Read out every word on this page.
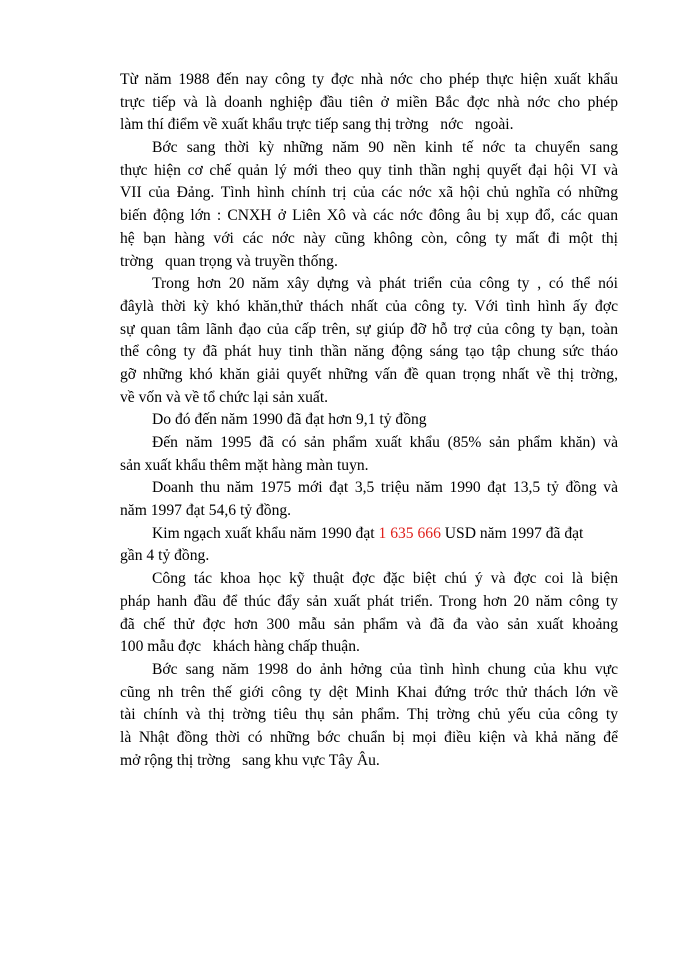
Từ năm 1988 đến nay công ty đợc nhà nớc cho phép thực hiện xuất khẩu
trực tiếp và là doanh nghiệp đầu tiên ở miền Bắc đợc nhà nớc cho phép
làm thí điểm về xuất khẩu trực tiếp sang thị trờng   nớc   ngoài.
Bớc sang thời kỳ những năm 90 nền kinh tế nớc ta chuyển sang
thực hiện cơ chế quản lý mới theo quy tinh thần nghị quyết đại hội VI và
VII của Đảng. Tình hình chính trị của các nớc xã hội chủ nghĩa có những
biến động lớn : CNXH ở Liên Xô và các nớc đông âu bị xụp đổ, các quan
hệ bạn hàng với các nớc này cũng không còn, công ty mất đi một thị
trờng   quan trọng và truyền thống.
Trong hơn 20 năm xây dựng và phát triển của công ty , có thể nói
đâylà thời kỳ khó khăn,thử thách nhất của công ty. Với tình hình ấy đợc
sự quan tâm lãnh đạo của cấp trên, sự giúp đỡ hỗ trợ của công ty bạn, toàn
thể công ty đã phát huy tinh thần năng động sáng tạo tập chung sức tháo
gỡ những khó khăn giải quyết những vấn đề quan trọng nhất về thị trờng,
về vốn và về tổ chức lại sản xuất.
Do đó đến năm 1990 đã đạt hơn 9,1 tỷ đồng
Đến năm 1995 đã có sản phẩm xuất khẩu (85% sản phẩm khăn) và
sản xuất khẩu thêm mặt hàng màn tuyn.
Doanh thu năm 1975 mới đạt 3,5 triệu năm 1990 đạt 13,5 tỷ đồng và
năm 1997 đạt 54,6 tỷ đồng.
Kim ngạch xuất khẩu năm 1990 đạt 1 635 666 USD năm 1997 đã đạt
gần 4 tỷ đồng.
Công tác khoa học kỹ thuật đợc đặc biệt chú ý và đợc coi là biện
pháp hanh đầu để thúc đẩy sản xuất phát triển. Trong hơn 20 năm công ty
đã chế thử đợc hơn 300 mẫu sản phẩm và đã đa vào sản xuất khoảng
100 mẫu đợc   khách hàng chấp thuận.
Bớc sang năm 1998 do ảnh hởng của tình hình chung của khu vực
cũng nh trên thế giới công ty dệt Minh Khai đứng trớc thử thách lớn về
tài chính và thị trờng tiêu thụ sản phẩm. Thị trờng chủ yếu của công ty
là Nhật đồng thời có những bớc chuẩn bị mọi điều kiện và khả năng để
mở rộng thị trờng   sang khu vực Tây Âu.
